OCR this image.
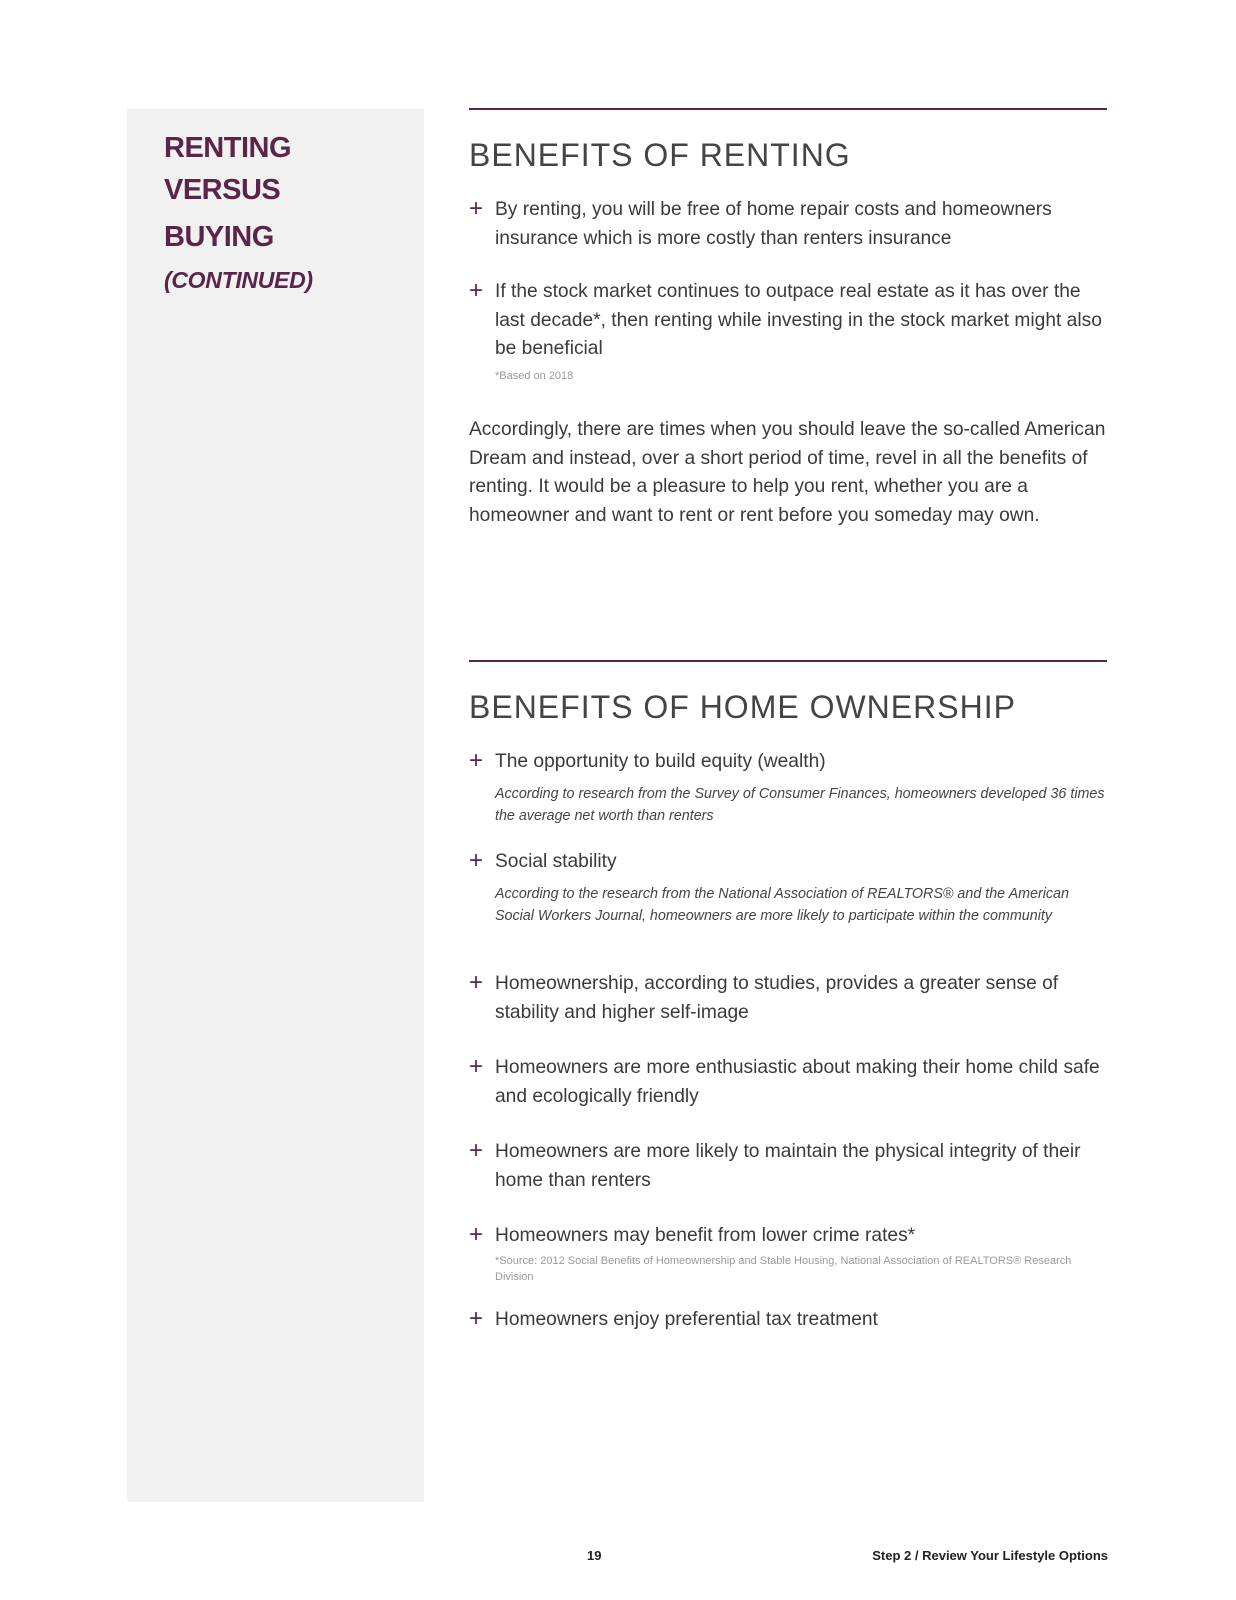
RENTING
VERSUS
BUYING
(CONTINUED)
BENEFITS OF RENTING
+ By renting, you will be free of home repair costs and homeowners insurance which is more costly than renters insurance
+ If the stock market continues to outpace real estate as it has over the last decade*, then renting while investing in the stock market might also be beneficial
*Based on 2018
Accordingly, there are times when you should leave the so-called American Dream and instead, over a short period of time, revel in all the benefits of renting. It would be a pleasure to help you rent, whether you are a homeowner and want to rent or rent before you someday may own.
BENEFITS OF HOME OWNERSHIP
+ The opportunity to build equity (wealth)
According to research from the Survey of Consumer Finances, homeowners developed 36 times the average net worth than renters
+ Social stability
According to the research from the National Association of REALTORS® and the American Social Workers Journal, homeowners are more likely to participate within the community
+ Homeownership, according to studies, provides a greater sense of stability and higher self-image
+ Homeowners are more enthusiastic about making their home child safe and ecologically friendly
+ Homeowners are more likely to maintain the physical integrity of their home than renters
+ Homeowners may benefit from lower crime rates*
*Source: 2012 Social Benefits of Homeownership and Stable Housing, National Association of REALTORS® Research Division
+ Homeowners enjoy preferential tax treatment
19	Step 2 / Review Your Lifestyle Options
